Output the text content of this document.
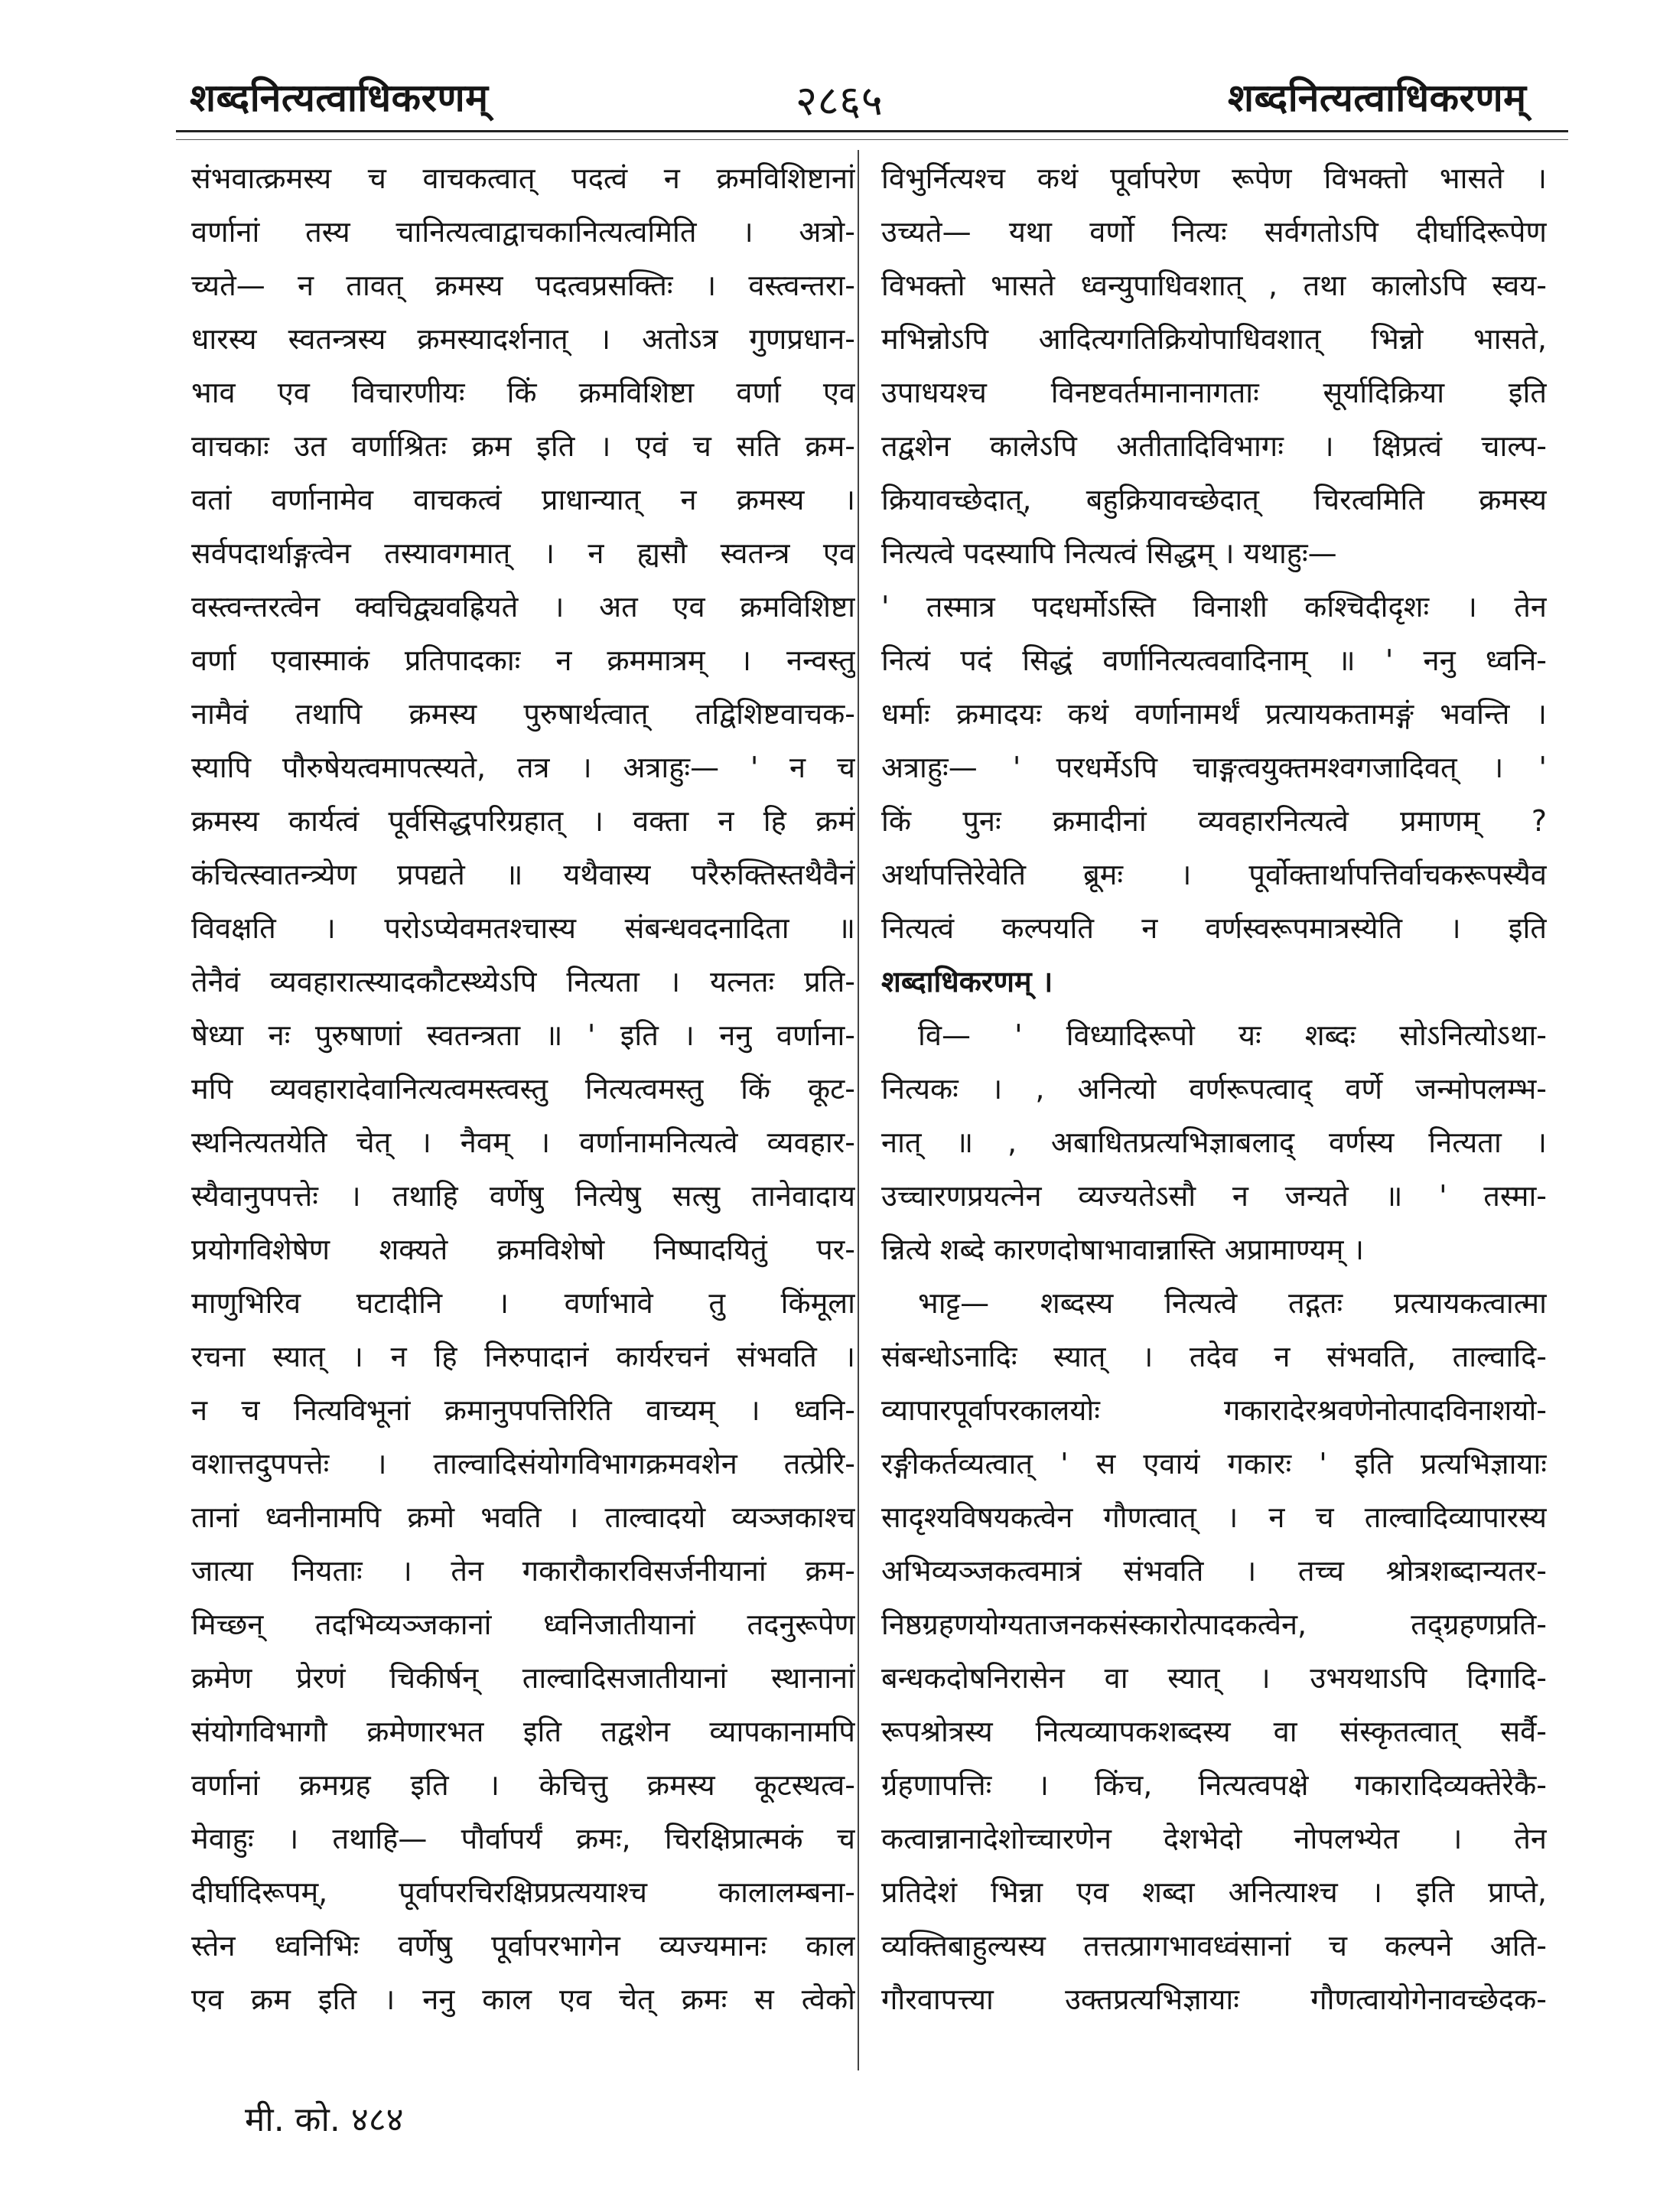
शब्दनित्यत्वाधिकरणम्	२८६५	शब्दनित्यत्वाधिकरणम्
संभवात्क्रमस्य च वाचकत्वात् पदत्वं न क्रमविशिष्टानां
वर्णानां तस्य चानित्यत्वाद्वाचकानित्यत्वमिति । अत्रो-
च्यते— न तावत् क्रमस्य पदत्वप्रसक्तिः । वस्त्वन्तरा-
धारस्य स्वतन्त्रस्य क्रमस्यादर्शनात् । अतोऽत्र गुणप्रधान-
भाव एव विचारणीयः किं क्रमविशिष्टा वर्णा एव
वाचकाः उत वर्णाश्रितः क्रम इति । एवं च सति क्रम-
वतां वर्णानामेव वाचकत्वं प्राधान्यात् न क्रमस्य ।
सर्वपदार्थाङ्गत्वेन तस्यावगमात् । न ह्यसौ स्वतन्त्र एव
वस्त्वन्तरत्वेन क्वचिद्व्यवह्रियते । अत एव क्रमविशिष्टा
वर्णा एवास्माकं प्रतिपादकाः न क्रममात्रम् । नन्वस्तु
नामैवं तथापि क्रमस्य पुरुषार्थत्वात् तद्विशिष्टवाचक-
स्यापि पौरुषेयत्वमापत्स्यते, तत्र । अत्राहुः— ' न च
क्रमस्य कार्यत्वं पूर्वसिद्धपरिग्रहात् । वक्ता न हि क्रमं
कंचित्स्वातन्त्र्येण प्रपद्यते ॥ यथैवास्य परैरुक्तिस्तथैवैनं
विवक्षति । परोऽप्येवमतश्चास्य संबन्धवदनादिता ॥
तेनैवं व्यवहारात्स्यादकौटस्थ्येऽपि नित्यता । यत्नतः प्रति-
षेध्या नः पुरुषाणां स्वतन्त्रता ॥ ' इति । ननु वर्णाना-
मपि व्यवहारादेवानित्यत्वमस्त्वस्तु नित्यत्वमस्तु किं कूट-
स्थनित्यतयेति चेत् । नैवम् । वर्णानामनित्यत्वे व्यवहार-
स्यैवानुपपत्तेः । तथाहि वर्णेषु नित्येषु सत्सु तानेवादाय
प्रयोगविशेषेण शक्यते क्रमविशेषो निष्पादयितुं पर-
माणुभिरिव घटादीनि । वर्णाभावे तु किंमूला
रचना स्यात् । न हि निरुपादानं कार्यरचनं संभवति ।
न च नित्यविभूनां क्रमानुपपत्तिरिति वाच्यम् । ध्वनि-
वशात्तदुपपत्तेः । ताल्वादिसंयोगविभागक्रमवशेन तत्प्रेरि-
तानां ध्वनीनामपि क्रमो भवति । ताल्वादयो व्यञ्जकाश्च
जात्या नियताः । तेन गकारौकारविसर्जनीयानां क्रम-
मिच्छन् तदभिव्यञ्जकानां ध्वनिजातीयानां तदनुरूपेण
क्रमेण प्रेरणं चिकीर्षन् ताल्वादिसजातीयानां स्थानानां
संयोगविभागौ क्रमेणारभत इति तद्वशेन व्यापकानामपि
वर्णानां क्रमग्रह इति । केचित्तु क्रमस्य कूटस्थत्व-
मेवाहुः । तथाहि— पौर्वापर्यं क्रमः, चिरक्षिप्रात्मकं च
दीर्घादिरूपम्, पूर्वापरचिरक्षिप्रप्रत्ययाश्च कालालम्बना-
स्तेन ध्वनिभिः वर्णेषु पूर्वापरभागेन व्यज्यमानः काल
एव क्रम इति । ननु काल एव चेत् क्रमः स त्वेको
विभुर्नित्यश्च कथं पूर्वापरेण रूपेण विभक्तो भासते ।
उच्यते— यथा वर्णो नित्यः सर्वगतोऽपि दीर्घादिरूपेण
विभक्तो भासते ध्वन्युपाधिवशात् , तथा कालोऽपि स्वय-
मभिन्नोऽपि आदित्यगतिक्रियोपाधिवशात् भिन्नो भासते,
उपाधयश्च विनष्टवर्तमानानागताः सूर्यादिक्रिया इति
तद्वशेन कालेऽपि अतीतादिविभागः । क्षिप्रत्वं चाल्प-
क्रियावच्छेदात्, बहुक्रियावच्छेदात् चिरत्वमिति क्रमस्य
नित्यत्वे पदस्यापि नित्यत्वं सिद्धम् । यथाहुः—
' तस्मात्र पदधर्मोऽस्ति विनाशी कश्चिदीदृशः । तेन
नित्यं पदं सिद्धं वर्णानित्यत्ववादिनाम् ॥ ' ननु ध्वनि-
धर्माः क्रमादयः कथं वर्णानामर्थं प्रत्यायकतामङ्गं भवन्ति ।
अत्राहुः— ' परधर्मेऽपि चाङ्गत्वयुक्तमश्वगजादिवत् । '
किं पुनः क्रमादीनां व्यवहारनित्यत्वे प्रमाणम् ?
अर्थापत्तिरेवेति ब्रूमः । पूर्वोक्तार्थापत्तिर्वाचकरूपस्यैव
नित्यत्वं कल्पयति न वर्णस्वरूपमात्रस्येति । इति
शब्दाधिकरणम् ।
वि— ' विध्यादिरूपो यः शब्दः सोऽनित्योऽथा-
नित्यकः । , अनित्यो वर्णरूपत्वाद् वर्णे जन्मोपलम्भ-
नात् ॥ , अबाधितप्रत्यभिज्ञाबलाद् वर्णस्य नित्यता ।
उच्चारणप्रयत्नेन व्यज्यतेऽसौ न जन्यते ॥ ' तस्मा-
न्नित्ये शब्दे कारणदोषाभावान्नास्ति अप्रामाण्यम् ।
भाट्ट— शब्दस्य नित्यत्वे तद्गतः प्रत्यायकत्वात्मा
संबन्धोऽनादिः स्यात् । तदेव न संभवति, ताल्वादि-
व्यापारपूर्वापरकालयोः गकारादेरश्रवणेनोत्पादविनाशयो-
रङ्गीकर्तव्यत्वात् ' स एवायं गकारः ' इति प्रत्यभिज्ञायाः
सादृश्यविषयकत्वेन गौणत्वात् । न च ताल्वादिव्यापारस्य
अभिव्यञ्जकत्वमात्रं संभवति । तच्च श्रोत्रशब्दान्यतर-
निष्ठग्रहणयोग्यताजनकसंस्कारोत्पादकत्वेन, तद्ग्रहणप्रति-
बन्धकदोषनिरासेन वा स्यात् । उभयथाऽपि दिगादि-
रूपश्रोत्रस्य नित्यव्यापकशब्दस्य वा संस्कृतत्वात् सर्वै-
र्ग्रहणापत्तिः । किंच, नित्यत्वपक्षे गकारादिव्यक्तेरेकै-
कत्वान्नानादेशोच्चारणेन देशभेदो नोपलभ्येत । तेन
प्रतिदेशं भिन्ना एव शब्दा अनित्याश्च । इति प्राप्ते,
व्यक्तिबाहुल्यस्य तत्तत्प्रागभावध्वंसानां च कल्पने अति-
गौरवापत्त्या उक्तप्रत्यभिज्ञायाः गौणत्वायोगेनावच्छेदक-
मी. को. ४८४
